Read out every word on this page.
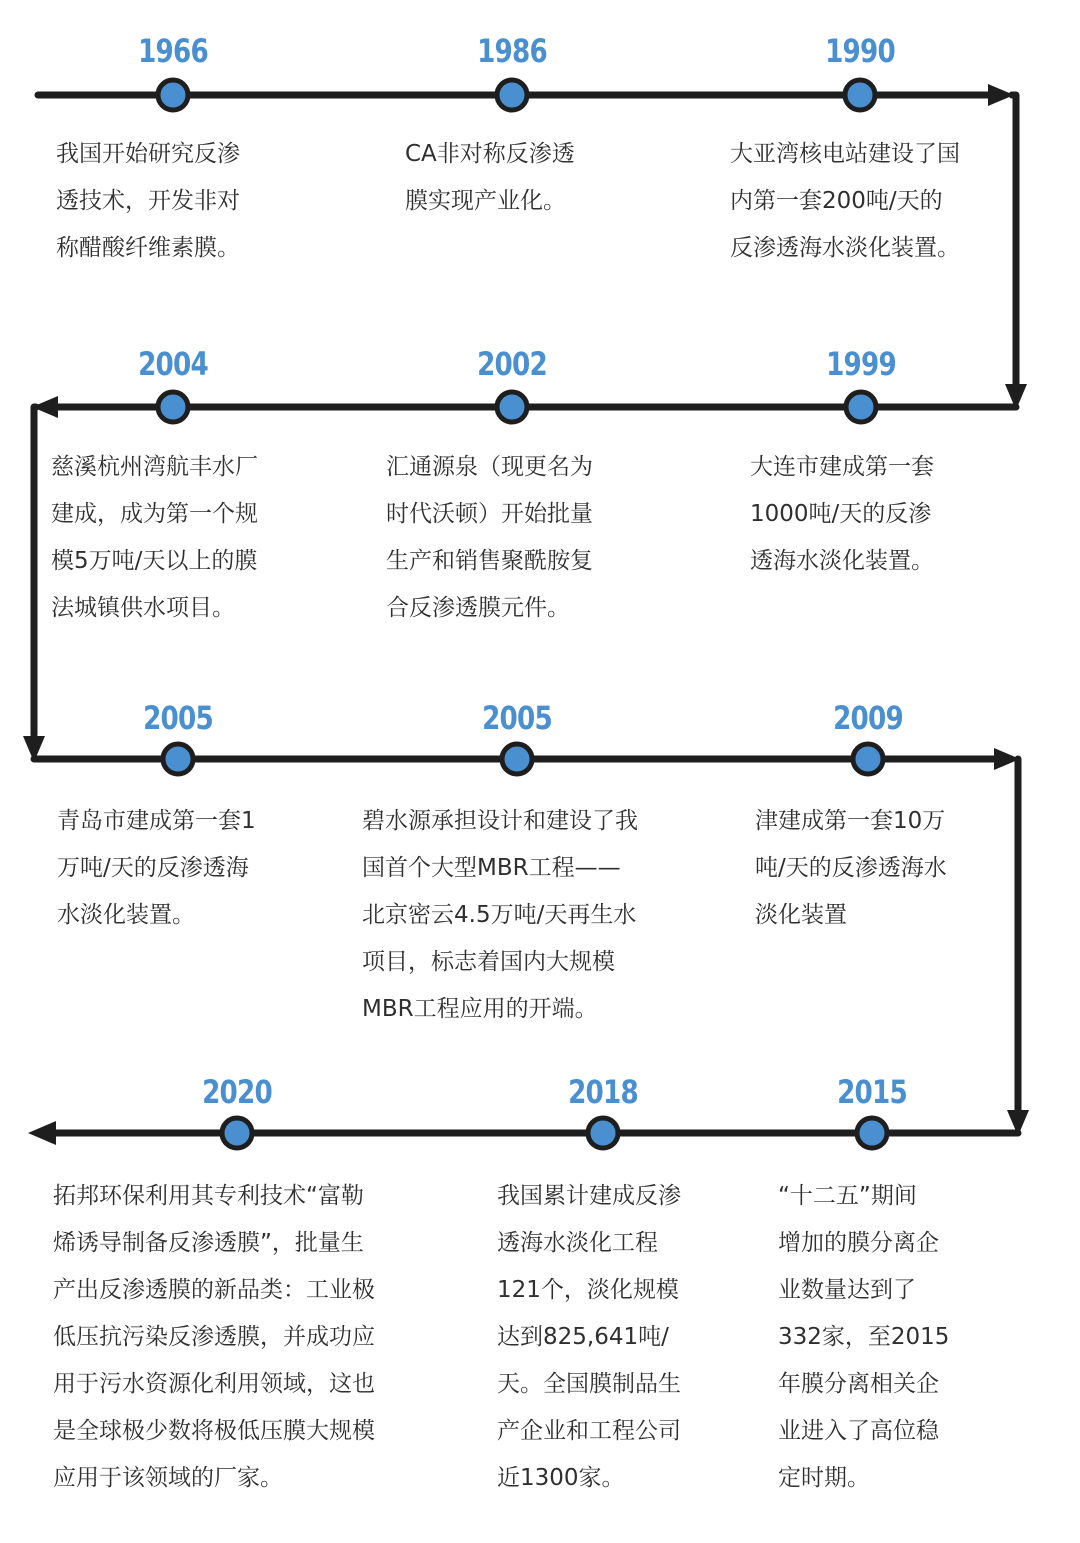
1966
我国开始研究反渗
透技术，开发非对
称醋酸纤维素膜。
1986
CA非对称反渗透
膜实现产业化。
1990
大亚湾核电站建设了国
内第一套200吨/天的
反渗透海水淡化装置。
1999
大连市建成第一套
1000吨/天的反渗
透海水淡化装置。
2002
汇通源泉（现更名为
时代沃顿）开始批量
生产和销售聚酰胺复
合反渗透膜元件。
2004
慈溪杭州湾航丰水厂
建成，成为第一个规
模5万吨/天以上的膜
法城镇供水项目。
2005
青岛市建成第一套1
万吨/天的反渗透海
水淡化装置。
2005
碧水源承担设计和建设了我
国首个大型MBR工程——
北京密云4.5万吨/天再生水
项目，标志着国内大规模
MBR工程应用的开端。
2009
津建成第一套10万
吨/天的反渗透海水
淡化装置
2015
“十二五”期间
增加的膜分离企
业数量达到了
332家，至2015
年膜分离相关企
业进入了高位稳
定时期。
2018
我国累计建成反渗
透海水淡化工程
121个，淡化规模
达到825,641吨/
天。全国膜制品生
产企业和工程公司
近1300家。
2020
拓邦环保利用其专利技术“富勒
烯诱导制备反渗透膜”，批量生
产出反渗透膜的新品类：工业极
低压抗污染反渗透膜，并成功应
用于污水资源化利用领域，这也
是全球极少数将极低压膜大规模
应用于该领域的厂家。
